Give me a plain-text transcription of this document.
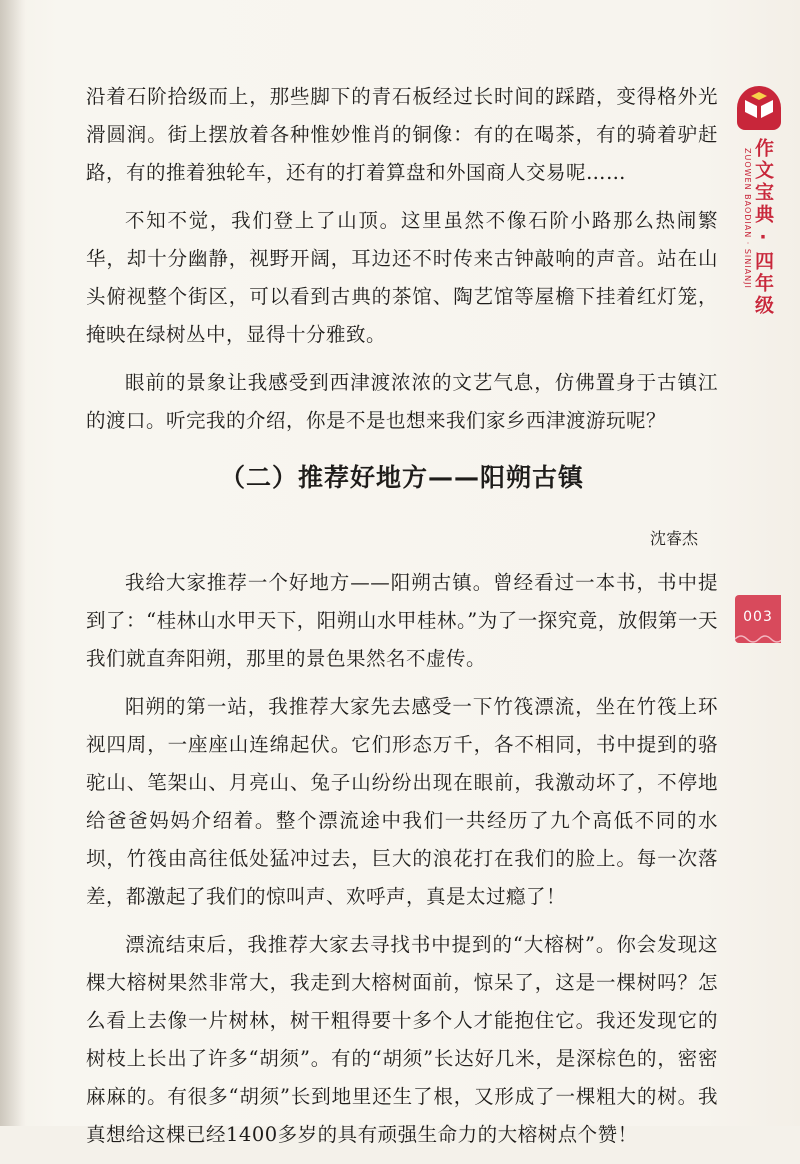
沿着石阶拾级而上，那些脚下的青石板经过长时间的踩踏，变得格外光滑圆润。街上摆放着各种惟妙惟肖的铜像：有的在喝茶，有的骑着驴赶路，有的推着独轮车，还有的打着算盘和外国商人交易呢……

不知不觉，我们登上了山顶。这里虽然不像石阶小路那么热闹繁华，却十分幽静，视野开阔，耳边还不时传来古钟敲响的声音。站在山头俯视整个街区，可以看到古典的茶馆、陶艺馆等屋檐下挂着红灯笼，掩映在绿树丛中，显得十分雅致。

眼前的景象让我感受到西津渡浓浓的文艺气息，仿佛置身于古镇江的渡口。听完我的介绍，你是不是也想来我们家乡西津渡游玩呢？

（二）推荐好地方——阳朔古镇
沈睿杰

我给大家推荐一个好地方——阳朔古镇。曾经看过一本书，书中提到了：“桂林山水甲天下，阳朔山水甲桂林。”为了一探究竟，放假第一天我们就直奔阳朔，那里的景色果然名不虚传。

阳朔的第一站，我推荐大家先去感受一下竹筏漂流，坐在竹筏上环视四周，一座座山连绵起伏。它们形态万千，各不相同，书中提到的骆驼山、笔架山、月亮山、兔子山纷纷出现在眼前，我激动坏了，不停地给爸爸妈妈介绍着。整个漂流途中我们一共经历了九个高低不同的水坝，竹筏由高往低处猛冲过去，巨大的浪花打在我们的脸上。每一次落差，都激起了我们的惊叫声、欢呼声，真是太过瘾了！

漂流结束后，我推荐大家去寻找书中提到的“大榕树”。你会发现这棵大榕树果然非常大，我走到大榕树面前，惊呆了，这是一棵树吗？怎么看上去像一片树林，树干粗得要十多个人才能抱住它。我还发现它的树枝上长出了许多“胡须”。有的“胡须”长达好几米，是深棕色的，密密麻麻的。有很多“胡须”长到地里还生了根，又形成了一棵粗大的树。我真想给这棵已经1400多岁的具有顽强生命力的大榕树点个赞！

作文宝典·四年级
ZUOWEN BAODIAN · SINIANJI
003
